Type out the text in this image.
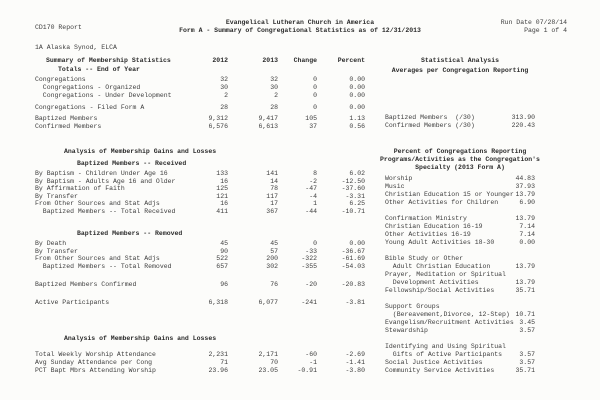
CD170 Report
Evangelical Lutheran Church in America
Form A - Summary of Congregational Statistics as of 12/31/2013
Run Date 07/28/14
Page 1 of 4
1A Alaska Synod, ELCA
Summary of Membership Statistics
Totals -- End of Year
2012	2013	Change	Percent
Congregations	32	32	0	0.00
Congregations - Organized	30	30	0	0.00
Congregations - Under Development	2	2	0	0.00
Congregations - Filed Form A	28	28	0	0.00
Baptized Members	9,312	9,417	105	1.13
Confirmed Members	6,576	6,613	37	0.56
Analysis of Membership Gains and Losses
Baptized Members -- Received
By Baptism - Children Under Age 16	133	141	8	6.02
By Baptism - Adults Age 16 and Older	16	14	-2	-12.50
By Affirmation of Faith	125	78	-47	-37.60
By Transfer	121	117	-4	-3.31
From Other Sources and Stat Adjs	16	17	1	6.25
Baptized Members -- Total Received	411	367	-44	-10.71
Baptized Members -- Removed
By Death	45	45	0	0.00
By Transfer	90	57	-33	-36.67
From Other Sources and Stat Adjs	522	200	-322	-61.69
Baptized Members -- Total Removed	657	302	-355	-54.03
Baptized Members Confirmed	96	76	-20	-20.83
Active Participants	6,318	6,077	-241	-3.81
Analysis of Membership Gains and Losses
Total Weekly Worship Attendance	2,231	2,171	-60	-2.69
Avg Sunday Attendance per Cong	71	70	-1	-1.41
PCT Bapt Mbrs Attending Worship	23.96	23.05	-0.91	-3.80
Statistical Analysis
Averages per Congregation Reporting
Baptized Members  (/30)	313.90
Confirmed Members (/30)	220.43
Percent of Congregations Reporting
Programs/Activities as the Congregation's
Specialty (2013 Form A)
Worship	44.83
Music	37.93
Christian Education 15 or Younger 13.79
Other Activities for Children	6.90
Confirmation Ministry	13.79
Christian Education 16-19	7.14
Other Activities 16-19	7.14
Young Adult Activities 18-30	0.00
Bible Study or Other
Adult Christian Education	13.79
Prayer, Meditation or Spiritual
Development Activities	13.79
Fellowship/Social Activities	35.71
Support Groups
(Bereavement,Divorce, 12-Step) 10.71
Evangelism/Recruitment Activities 3.45
Stewardship	3.57
Identifying and Using Spiritual
Gifts of Active Participants	3.57
Social Justice Activities	3.57
Community Service Activities	35.71
